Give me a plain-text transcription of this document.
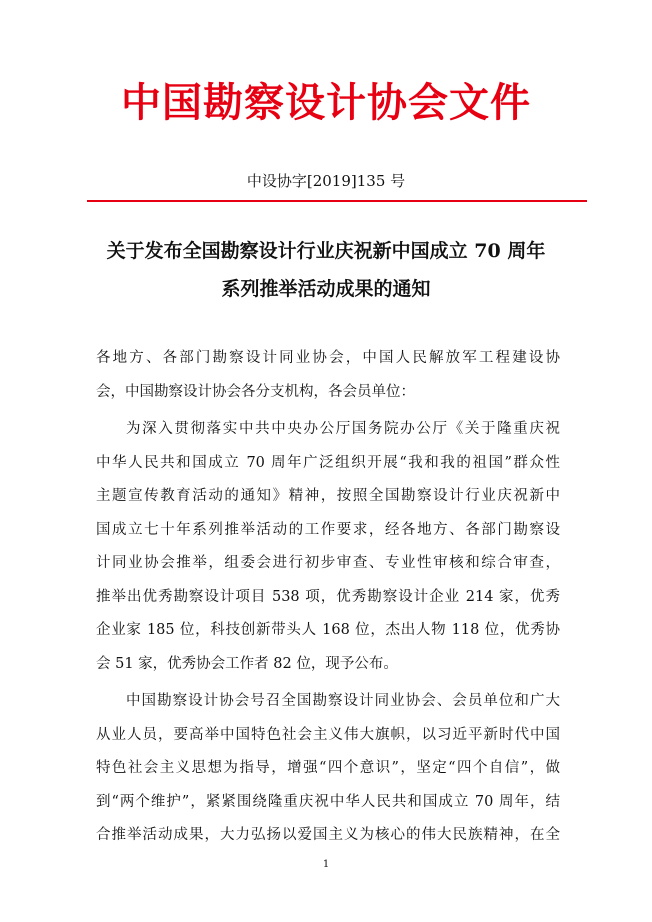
中国勘察设计协会文件
中设协字[2019]135 号
关于发布全国勘察设计行业庆祝新中国成立 70 周年
系列推举活动成果的通知
各地方、各部门勘察设计同业协会，中国人民解放军工程建设协
会，中国勘察设计协会各分支机构，各会员单位：
为深入贯彻落实中共中央办公厅国务院办公厅《关于隆重庆祝
中华人民共和国成立 70 周年广泛组织开展“我和我的祖国”群众性
主题宣传教育活动的通知》精神，按照全国勘察设计行业庆祝新中
国成立七十年系列推举活动的工作要求，经各地方、各部门勘察设
计同业协会推举，组委会进行初步审查、专业性审核和综合审查，
推举出优秀勘察设计项目 538 项，优秀勘察设计企业 214 家，优秀
企业家 185 位，科技创新带头人 168 位，杰出人物 118 位，优秀协
会 51 家，优秀协会工作者 82 位，现予公布。
中国勘察设计协会号召全国勘察设计同业协会、会员单位和广大
从业人员，要高举中国特色社会主义伟大旗帜，以习近平新时代中国
特色社会主义思想为指导，增强“四个意识”，坚定“四个自信”，做
到“两个维护”，紧紧围绕隆重庆祝中华人民共和国成立 70 周年，结
合推举活动成果，大力弘扬以爱国主义为核心的伟大民族精神，在全
1
